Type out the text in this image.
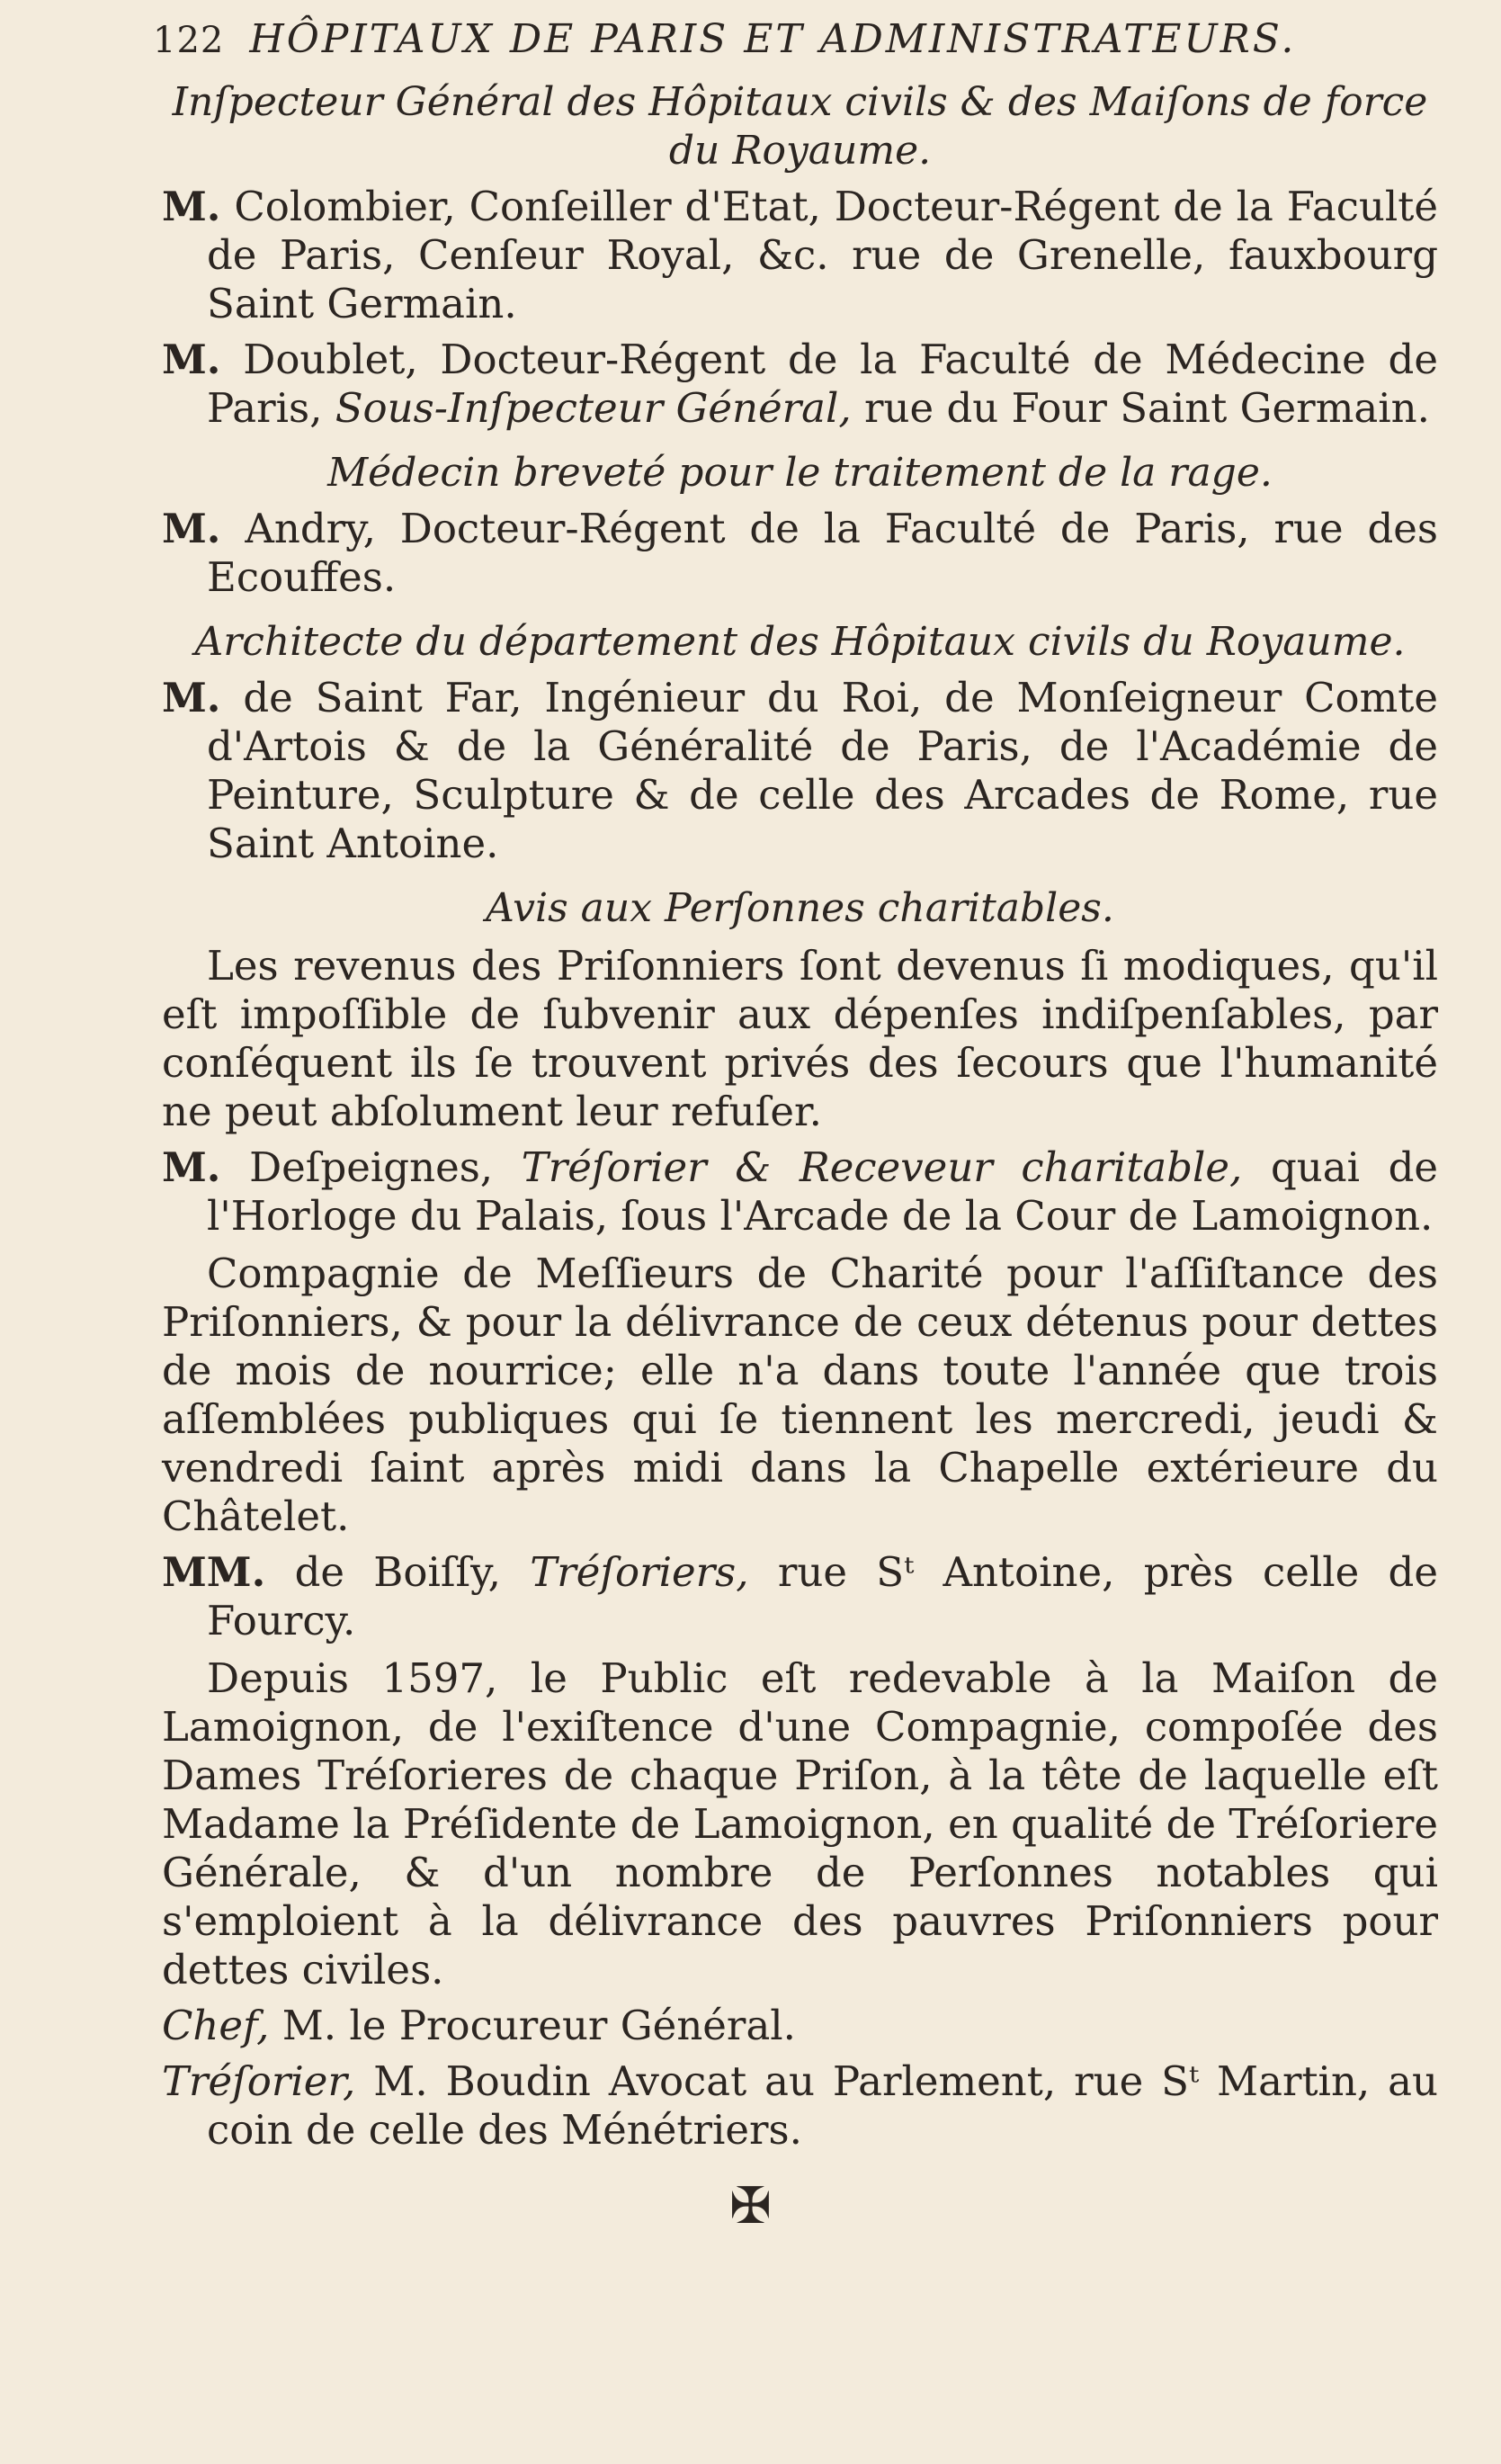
122 HÔPITAUX DE PARIS ET ADMINISTRATEURS.
Inſpecteur Général des Hôpitaux civils & des Maiſons de force du Royaume.

M. Colombier, Conſeiller d'Etat, Docteur-Régent de la Faculté de Paris, Cenſeur Royal, &c. rue de Grenelle, fauxbourg Saint Germain.

M. Doublet, Docteur-Régent de la Faculté de Médecine de Paris, Sous-Inſpecteur Général, rue du Four Saint Germain.

Médecin breveté pour le traitement de la rage.

M. Andry, Docteur-Régent de la Faculté de Paris, rue des Ecouffes.

Architecte du département des Hôpitaux civils du Royaume.

M. de Saint Far, Ingénieur du Roi, de Monſeigneur Comte d'Artois & de la Généralité de Paris, de l'Académie de Peinture, Sculpture & de celle des Arcades de Rome, rue Saint Antoine.

Avis aux Perſonnes charitables.

Les revenus des Priſonniers ſont devenus ſi modiques, qu'il eſt impoſſible de ſubvenir aux dépenſes indiſpenſables, par conſéquent ils ſe trouvent privés des ſecours que l'humanité ne peut abſolument leur refuſer.

M. Deſpeignes, Tréſorier & Receveur charitable, quai de l'Horloge du Palais, ſous l'Arcade de la Cour de Lamoignon.

Compagnie de Meſſieurs de Charité pour l'aſſiſtance des Priſonniers, & pour la délivrance de ceux détenus pour dettes de mois de nourrice; elle n'a dans toute l'année que trois aſſemblées publiques qui ſe tiennent les mercredi, jeudi & vendredi ſaint après midi dans la Chapelle extérieure du Châtelet.

MM. de Boiſſy, Tréſoriers, rue Sᵗ Antoine, près celle de Fourcy.

Depuis 1597, le Public eſt redevable à la Maiſon de Lamoignon, de l'exiſtence d'une Compagnie, compoſée des Dames Tréſorieres de chaque Priſon, à la tête de laquelle eſt Madame la Préſidente de Lamoignon, en qualité de Tréſoriere Générale, & d'un nombre de Perſonnes notables qui s'emploient à la délivrance des pauvres Priſonniers pour dettes civiles.

Chef, M. le Procureur Général.

Tréſorier, M. Boudin Avocat au Parlement, rue Sᵗ Martin, au coin de celle des Ménétriers.

✠
